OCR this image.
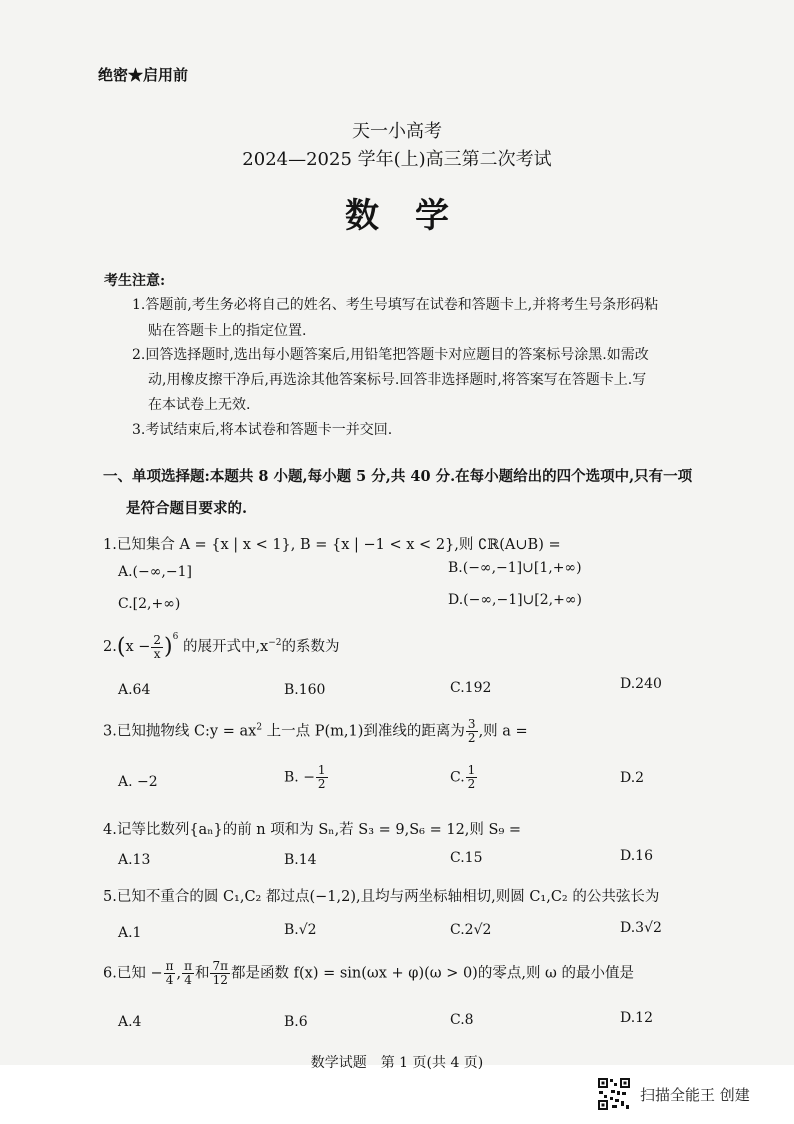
绝密★启用前
天一小高考
2024—2025 学年(上)高三第二次考试
数学
考生注意:
1.答题前,考生务必将自己的姓名、考生号填写在试卷和答题卡上,并将考生号条形码粘
贴在答题卡上的指定位置.
2.回答选择题时,选出每小题答案后,用铅笔把答题卡对应题目的答案标号涂黑.如需改
动,用橡皮擦干净后,再选涂其他答案标号.回答非选择题时,将答案写在答题卡上.写
在本试卷上无效.
3.考试结束后,将本试卷和答题卡一并交回.
一、单项选择题:本题共 8 小题,每小题 5 分,共 40 分.在每小题给出的四个选项中,只有一项
是符合题目要求的.
1.已知集合 A = {x | x < 1}, B = {x | −1 < x < 2},则 ∁ℝ(A∪B) =
A.(−∞,−1]	B.(−∞,−1]∪[1,+∞)
C.[2,+∞)	D.(−∞,−1]∪[2,+∞)
$2.(x - \frac{2}{x} )^6$ 的展开式中$,x^{-2}$的系数为
A.64	B.160	C.192	D.240
3.已知抛物线 C:y = $ax^2$ 上一点 P(m,1)到准线的距离为 $\frac{3}{2}$ ,则 a =
A. −2	B. − $\frac{1}{2}$	C. $\frac{1}{2}$	D.2
4.记等比数列{aₙ}的前 n 项和为 Sₙ,若 S₃ = 9,S₆ = 12,则 S₉ =
A.13	B.14	C.15	D.16
5.已知不重合的圆 C₁,C₂ 都过点(−1,2),且均与两坐标轴相切,则圆 C₁,C₂ 的公共弦长为
A.1	B.√2	C.2√2	D.3√2
6.已知 − $\frac{\pi}{4}$ , $\frac{\pi}{4}$ 和 $\frac{7\pi}{12}$ 都是函数 f(x) = sin(ωx + φ)(ω > 0)的零点,则 ω 的最小值是
A.4	B.6	C.8	D.12
数学试题　第 1 页(共 4 页)
扫描全能王 创建
